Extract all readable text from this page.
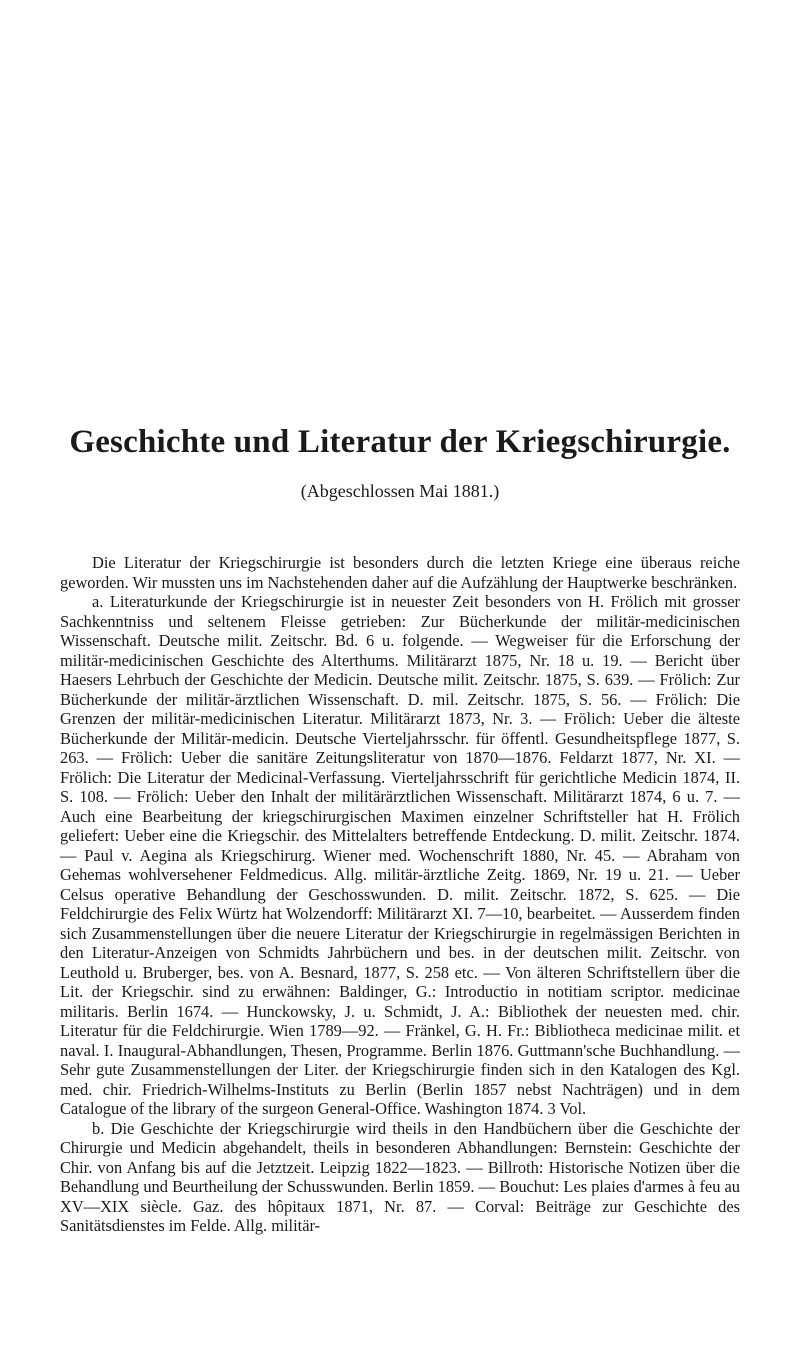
Geschichte und Literatur der Kriegschirurgie.
(Abgeschlossen Mai 1881.)

Die Literatur der Kriegschirurgie ist besonders durch die letzten Kriege eine überaus reiche geworden. Wir mussten uns im Nachstehenden daher auf die Aufzählung der Hauptwerke beschränken.

a. Literaturkunde der Kriegschirurgie ist in neuester Zeit besonders von H. Frölich mit grosser Sachkenntniss und seltenem Fleisse getrieben: Zur Bücherkunde der militär-medicinischen Wissenschaft. Deutsche milit. Zeitschr. Bd. 6 u. folgende. — Wegweiser für die Erforschung der militär-medicinischen Geschichte des Alterthums. Militärarzt 1875, Nr. 18 u. 19. — Bericht über Haesers Lehrbuch der Geschichte der Medicin. Deutsche milit. Zeitschr. 1875, S. 639. — Frölich: Zur Bücherkunde der militär-ärztlichen Wissenschaft. D. mil. Zeitschr. 1875, S. 56. — Frölich: Die Grenzen der militär-medicinischen Literatur. Militärarzt 1873, Nr. 3. — Frölich: Ueber die älteste Bücherkunde der Militär-medicin. Deutsche Vierteljahrsschr. für öffentl. Gesundheitspflege 1877, S. 263. — Frölich: Ueber die sanitäre Zeitungsliteratur von 1870—1876. Feldarzt 1877, Nr. XI. — Frölich: Die Literatur der Medicinal-Verfassung. Vierteljahrsschrift für gerichtliche Medicin 1874, II. S. 108. — Frölich: Ueber den Inhalt der militärärztlichen Wissenschaft. Militärarzt 1874, 6 u. 7. — Auch eine Bearbeitung der kriegschirurgischen Maximen einzelner Schriftsteller hat H. Frölich geliefert: Ueber eine die Kriegschir. des Mittelalters betreffende Entdeckung. D. milit. Zeitschr. 1874. — Paul v. Aegina als Kriegschirurg. Wiener med. Wochenschrift 1880, Nr. 45. — Abraham von Gehemas wohlversehener Feldmedicus. Allg. militär-ärztliche Zeitg. 1869, Nr. 19 u. 21. — Ueber Celsus operative Behandlung der Geschosswunden. D. milit. Zeitschr. 1872, S. 625. — Die Feldchirurgie des Felix Würtz hat Wolzendorff: Militärarzt XI. 7—10, bearbeitet. — Ausserdem finden sich Zusammenstellungen über die neuere Literatur der Kriegschirurgie in regelmässigen Berichten in den Literatur-Anzeigen von Schmidts Jahrbüchern und bes. in der deutschen milit. Zeitschr. von Leuthold u. Bruberger, bes. von A. Besnard, 1877, S. 258 etc. — Von älteren Schriftstellern über die Lit. der Kriegschir. sind zu erwähnen: Baldinger, G.: Introductio in notitiam scriptor. medicinae militaris. Berlin 1674. — Hunckowsky, J. u. Schmidt, J. A.: Bibliothek der neuesten med. chir. Literatur für die Feldchirurgie. Wien 1789—92. — Fränkel, G. H. Fr.: Bibliotheca medicinae milit. et naval. I. Inaugural-Abhandlungen, Thesen, Programme. Berlin 1876. Guttmann'sche Buchhandlung. — Sehr gute Zusammenstellungen der Liter. der Kriegschirurgie finden sich in den Katalogen des Kgl. med. chir. Friedrich-Wilhelms-Instituts zu Berlin (Berlin 1857 nebst Nachträgen) und in dem Catalogue of the library of the surgeon General-Office. Washington 1874. 3 Vol.

b. Die Geschichte der Kriegschirurgie wird theils in den Handbüchern über die Geschichte der Chirurgie und Medicin abgehandelt, theils in besonderen Abhandlungen: Bernstein: Geschichte der Chir. von Anfang bis auf die Jetztzeit. Leipzig 1822—1823. — Billroth: Historische Notizen über die Behandlung und Beurtheilung der Schusswunden. Berlin 1859. — Bouchut: Les plaies d'armes à feu au XV—XIX siècle. Gaz. des hôpitaux 1871, Nr. 87. — Corval: Beiträge zur Geschichte des Sanitätsdienstes im Felde. Allg. militär-
